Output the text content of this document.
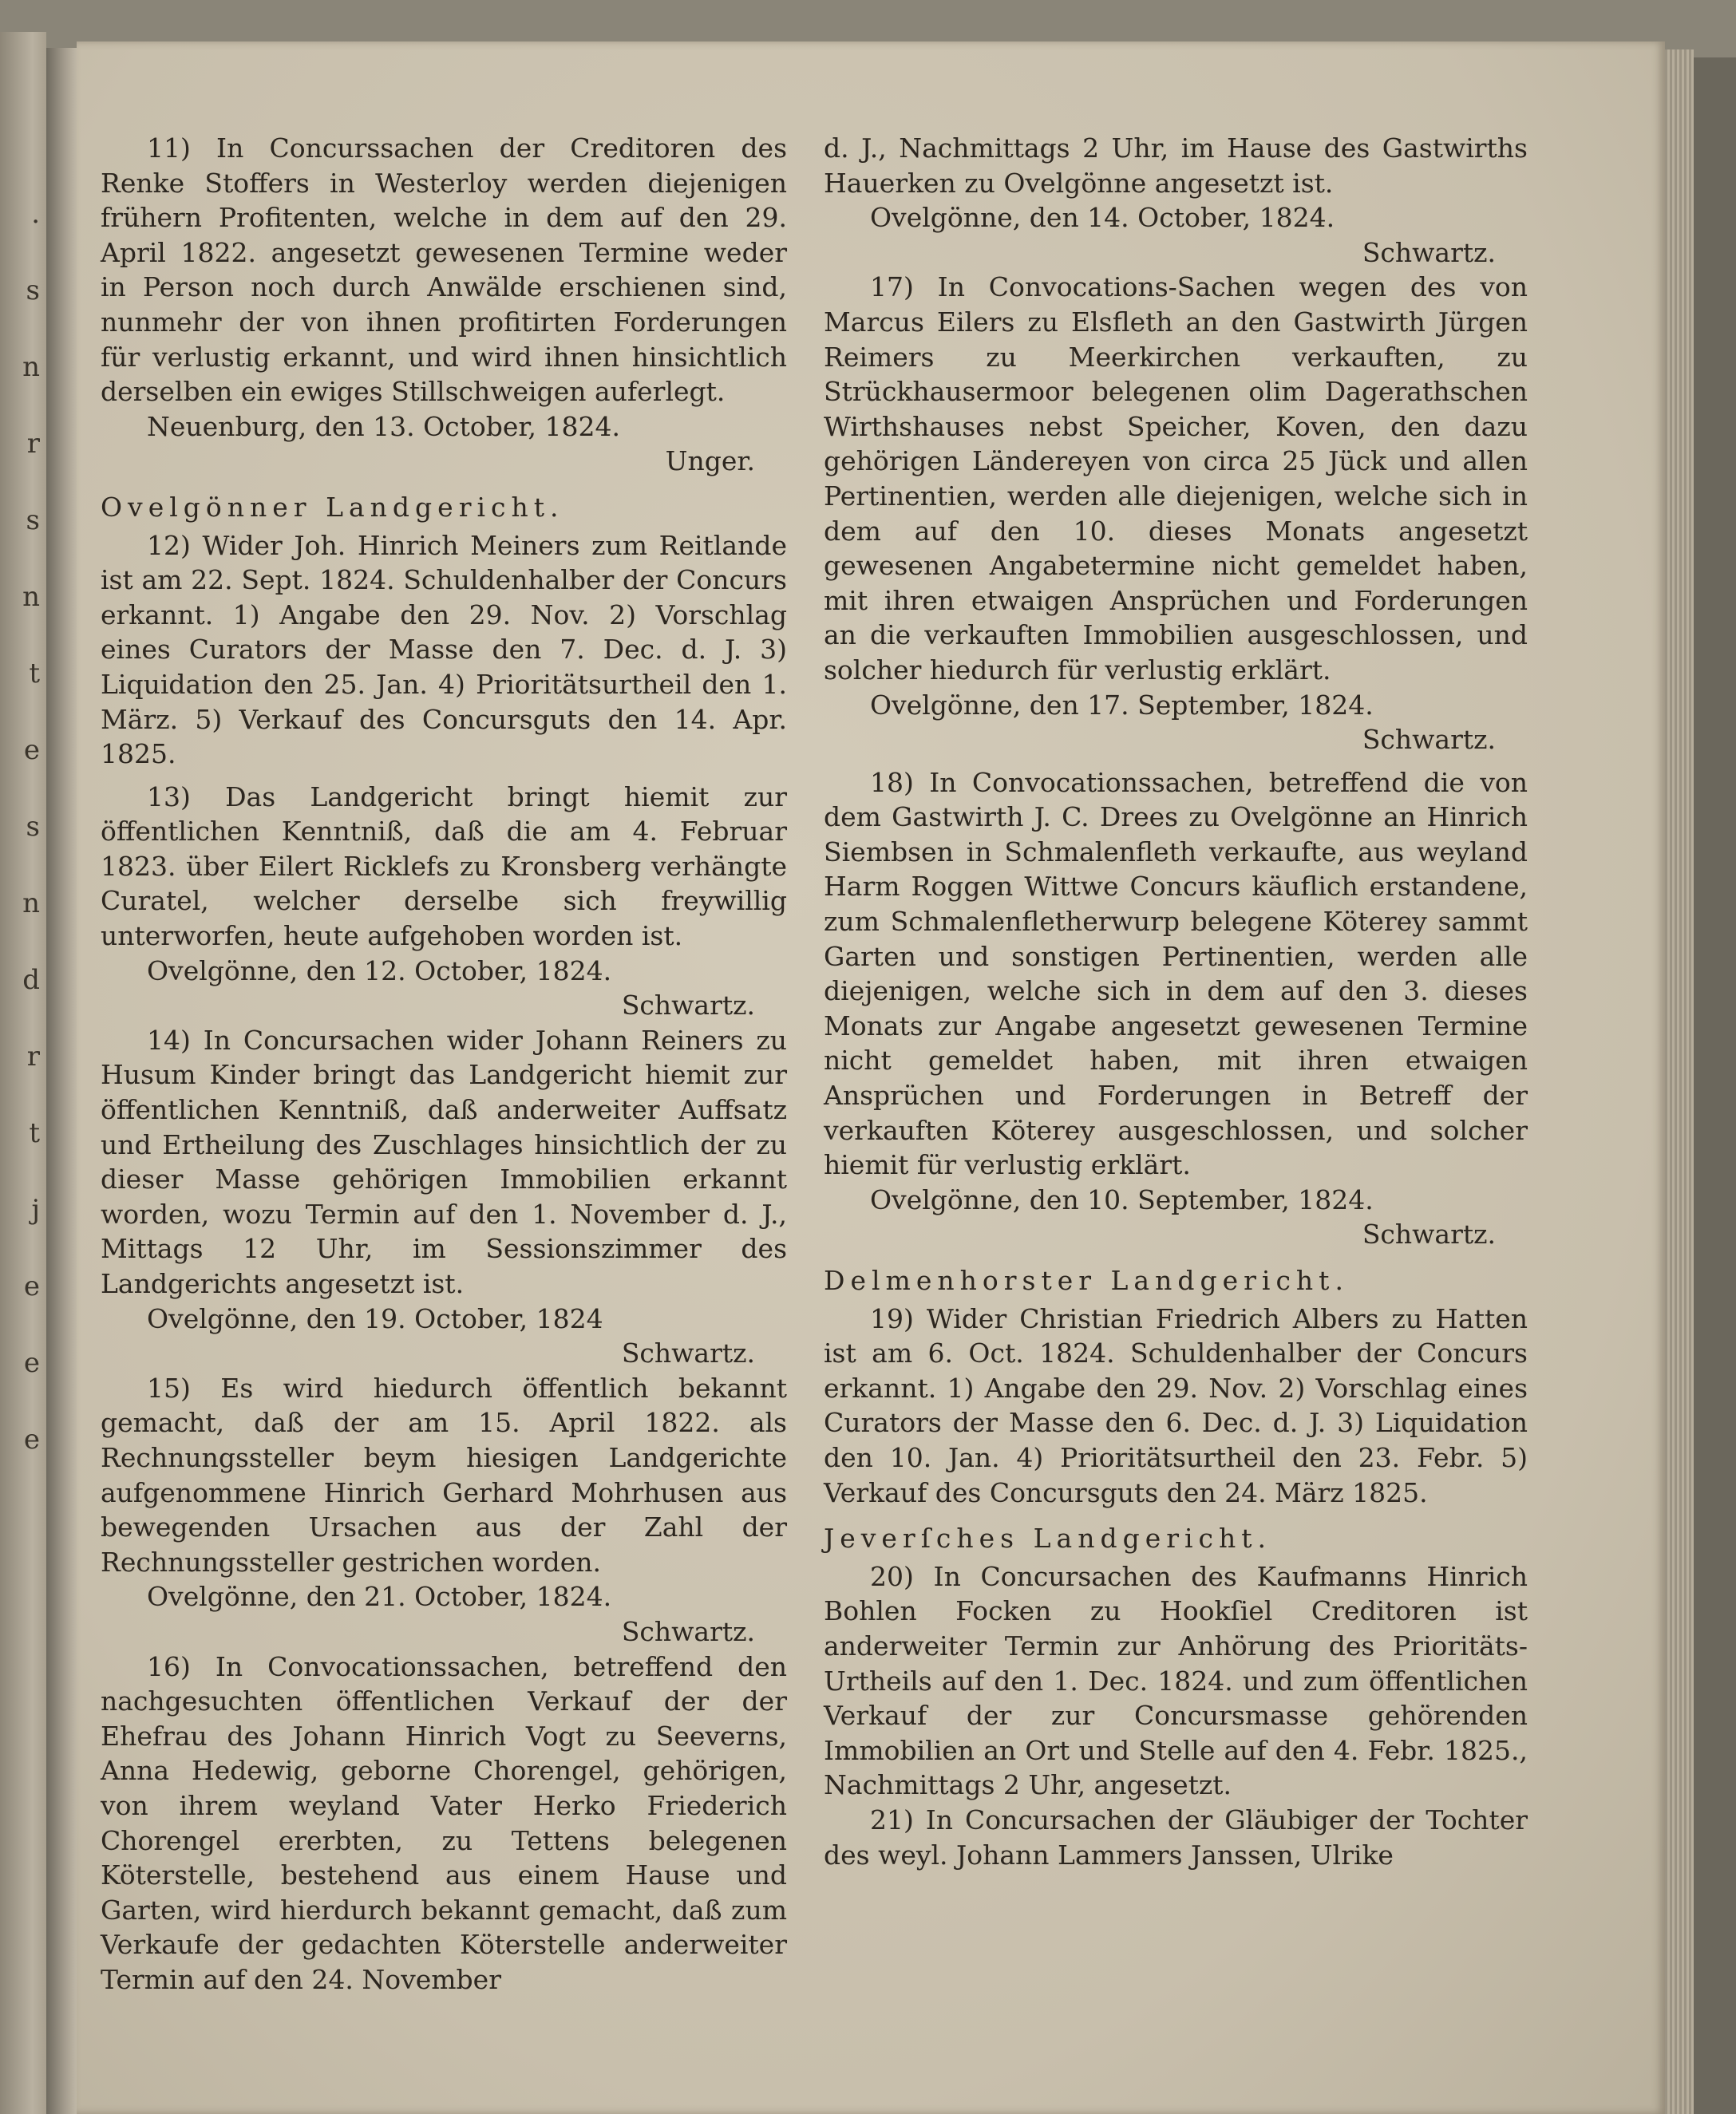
.
s
n
r
s
n
t
e
s
n
d
r
t
j
e
e
e

11) In Concurssachen der Creditoren des Renke Stoffers in Westerloy werden diejenigen frühern Profitenten, welche in dem auf den 29. April 1822. angesetzt gewesenen Termine weder in Person noch durch Anwälde erschienen sind, nunmehr der von ihnen profitirten Forderungen für verlustig erkannt, und wird ihnen hinsichtlich derselben ein ewiges Stillschweigen auferlegt.

Neuenburg, den 13. October, 1824.
Unger.
Ovelgönner Landgericht.

12) Wider Joh. Hinrich Meiners zum Reitlande ist am 22. Sept. 1824. Schuldenhalber der Concurs erkannt. 1) Angabe den 29. Nov. 2) Vorschlag eines Curators der Masse den 7. Dec. d. J. 3) Liquidation den 25. Jan. 4) Prioritätsurtheil den 1. März. 5) Verkauf des Concursguts den 14. Apr. 1825.

13) Das Landgericht bringt hiemit zur öffentlichen Kenntniß, daß die am 4. Februar 1823. über Eilert Ricklefs zu Kronsberg verhängte Curatel, welcher derselbe sich freywillig unterworfen, heute aufgehoben worden ist.

Ovelgönne, den 12. October, 1824.
Schwartz.

14) In Concursachen wider Johann Reiners zu Husum Kinder bringt das Landgericht hiemit zur öffentlichen Kenntniß, daß anderweiter Auffsatz und Ertheilung des Zuschlages hinsichtlich der zu dieser Masse gehörigen Immobilien erkannt worden, wozu Termin auf den 1. November d. J., Mittags 12 Uhr, im Sessionszimmer des Landgerichts angesetzt ist.

Ovelgönne, den 19. October, 1824
Schwartz.

15) Es wird hiedurch öffentlich bekannt gemacht, daß der am 15. April 1822. als Rechnungssteller beym hiesigen Landgerichte aufgenommene Hinrich Gerhard Mohrhusen aus bewegenden Ursachen aus der Zahl der Rechnungssteller gestrichen worden.

Ovelgönne, den 21. October, 1824.
Schwartz.

16) In Convocationssachen, betreffend den nachgesuchten öffentlichen Verkauf der der Ehefrau des Johann Hinrich Vogt zu Seeverns, Anna Hedewig, geborne Chorengel, gehörigen, von ihrem weyland Vater Herko Friederich Chorengel ererbten, zu Tettens belegenen Köterstelle, bestehend aus einem Hause und Garten, wird hierdurch bekannt gemacht, daß zum Verkaufe der gedachten Köterstelle anderweiter Termin auf den 24. November

d. J., Nachmittags 2 Uhr, im Hause des Gastwirths Hauerken zu Ovelgönne angesetzt ist.

Ovelgönne, den 14. October, 1824.
Schwartz.

17) In Convocations-Sachen wegen des von Marcus Eilers zu Elsfleth an den Gastwirth Jürgen Reimers zu Meerkirchen verkauften, zu Strückhausermoor belegenen olim Dagerathschen Wirthshauses nebst Speicher, Koven, den dazu gehörigen Ländereyen von circa 25 Jück und allen Pertinentien, werden alle diejenigen, welche sich in dem auf den 10. dieses Monats angesetzt gewesenen Angabetermine nicht gemeldet haben, mit ihren etwaigen Ansprüchen und Forderungen an die verkauften Immobilien ausgeschlossen, und solcher hiedurch für verlustig erklärt.

Ovelgönne, den 17. September, 1824.
Schwartz.

18) In Convocationssachen, betreffend die von dem Gastwirth J. C. Drees zu Ovelgönne an Hinrich Siembsen in Schmalenfleth verkaufte, aus weyland Harm Roggen Wittwe Concurs käuflich erstandene, zum Schmalenfletherwurp belegene Köterey sammt Garten und sonstigen Pertinentien, werden alle diejenigen, welche sich in dem auf den 3. dieses Monats zur Angabe angesetzt gewesenen Termine nicht gemeldet haben, mit ihren etwaigen Ansprüchen und Forderungen in Betreff der verkauften Köterey ausgeschlossen, und solcher hiemit für verlustig erklärt.

Ovelgönne, den 10. September, 1824.
Schwartz.
Delmenhorster Landgericht.

19) Wider Christian Friedrich Albers zu Hatten ist am 6. Oct. 1824. Schuldenhalber der Concurs erkannt. 1) Angabe den 29. Nov. 2) Vorschlag eines Curators der Masse den 6. Dec. d. J. 3) Liquidation den 10. Jan. 4) Prioritätsurtheil den 23. Febr. 5) Verkauf des Concursguts den 24. März 1825.

Jeverſches Landgericht.

20) In Concursachen des Kaufmanns Hinrich Bohlen Focken zu Hookſiel Creditoren ist anderweiter Termin zur Anhörung des Prioritäts-Urtheils auf den 1. Dec. 1824. und zum öffentlichen Verkauf der zur Concursmasse gehörenden Immobilien an Ort und Stelle auf den 4. Febr. 1825., Nachmittags 2 Uhr, angesetzt.

21) In Concursachen der Gläubiger der Tochter des weyl. Johann Lammers Janssen, Ulrike
